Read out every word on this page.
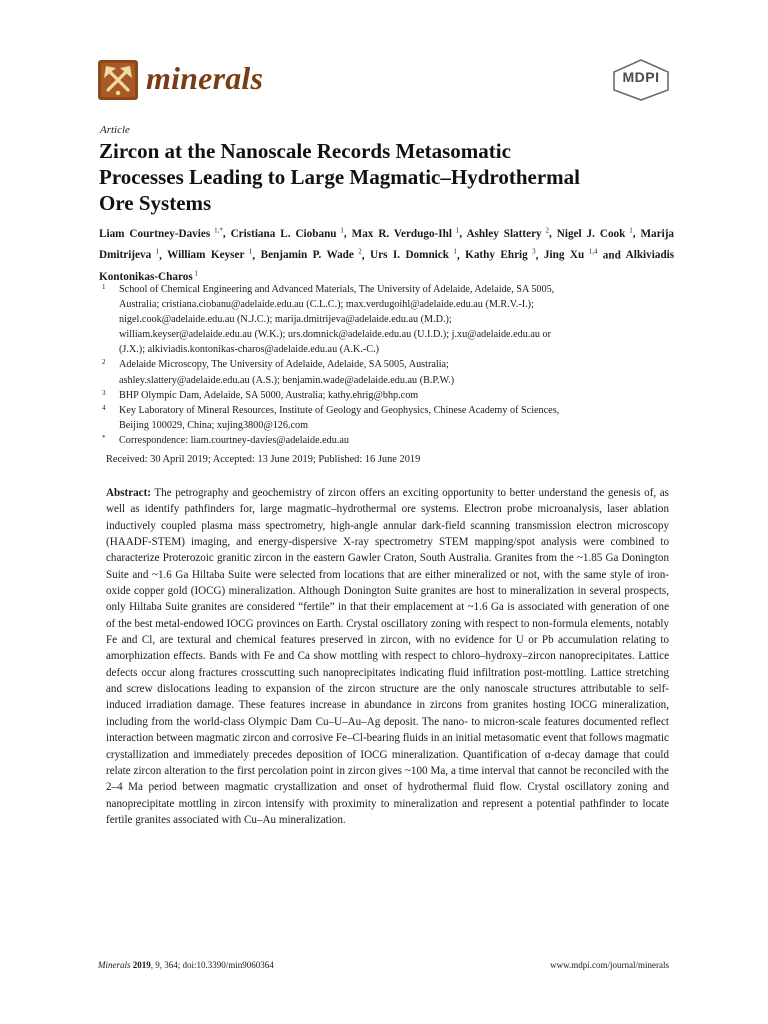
minerals	MDPI
Article
Zircon at the Nanoscale Records Metasomatic
Processes Leading to Large Magmatic–Hydrothermal
Ore Systems
Liam Courtney-Davies $^{1,*}$, Cristiana L. Ciobanu $^1$, Max R. Verdugo-Ihl $^1$, Ashley Slattery $^2$, Nigel J. Cook $^1$, Marija Dmitrijeva $^1$, William Keyser $^1$, Benjamin P. Wade $^2$, Urs I. Domnick $^1$, Kathy Ehrig $^3$, Jing Xu $^{1,4}$ and Alkiviadis Kontonikas-Charos $^1$
1 School of Chemical Engineering and Advanced Materials, The University of Adelaide, Adelaide, SA 5005,
Australia; cristiana.ciobanu@adelaide.edu.au (C.L.C.); max.verdugoihl@adelaide.edu.au (M.R.V.-I.);
nigel.cook@adelaide.edu.au (N.J.C.); marija.dmitrijeva@adelaide.edu.au (M.D.);
william.keyser@adelaide.edu.au (W.K.); urs.domnick@adelaide.edu.au (U.I.D.); j.xu@adelaide.edu.au or
(J.X.); alkiviadis.kontonikas-charos@adelaide.edu.au (A.K.-C.)
2 Adelaide Microscopy, The University of Adelaide, Adelaide, SA 5005, Australia;
ashley.slattery@adelaide.edu.au (A.S.); benjamin.wade@adelaide.edu.au (B.P.W.)
3 BHP Olympic Dam, Adelaide, SA 5000, Australia; kathy.ehrig@bhp.com
4 Key Laboratory of Mineral Resources, Institute of Geology and Geophysics, Chinese Academy of Sciences,
Beijing 100029, China; xujing3800@126.com
* Correspondence: liam.courtney-davies@adelaide.edu.au
Received: 30 April 2019; Accepted: 13 June 2019; Published: 16 June 2019
Abstract: The petrography and geochemistry of zircon offers an exciting opportunity to better understand the genesis of, as well as identify pathfinders for, large magmatic–hydrothermal ore systems. Electron probe microanalysis, laser ablation inductively coupled plasma mass spectrometry, high-angle annular dark-field scanning transmission electron microscopy (HAADF-STEM) imaging, and energy-dispersive X-ray spectrometry STEM mapping/spot analysis were combined to characterize Proterozoic granitic zircon in the eastern Gawler Craton, South Australia. Granites from the ~1.85 Ga Donington Suite and ~1.6 Ga Hiltaba Suite were selected from locations that are either mineralized or not, with the same style of iron-oxide copper gold (IOCG) mineralization. Although Donington Suite granites are host to mineralization in several prospects, only Hiltaba Suite granites are considered “fertile” in that their emplacement at ~1.6 Ga is associated with generation of one of the best metal-endowed IOCG provinces on Earth. Crystal oscillatory zoning with respect to non-formula elements, notably Fe and Cl, are textural and chemical features preserved in zircon, with no evidence for U or Pb accumulation relating to amorphization effects. Bands with Fe and Ca show mottling with respect to chloro–hydroxy–zircon nanoprecipitates. Lattice defects occur along fractures crosscutting such nanoprecipitates indicating fluid infiltration post-mottling. Lattice stretching and screw dislocations leading to expansion of the zircon structure are the only nanoscale structures attributable to self-induced irradiation damage. These features increase in abundance in zircons from granites hosting IOCG mineralization, including from the world-class Olympic Dam Cu–U–Au–Ag deposit. The nano- to micron-scale features documented reflect interaction between magmatic zircon and corrosive Fe–Cl-bearing fluids in an initial metasomatic event that follows magmatic crystallization and immediately precedes deposition of IOCG mineralization. Quantification of α-decay damage that could relate zircon alteration to the first percolation point in zircon gives ~100 Ma, a time interval that cannot be reconciled with the 2–4 Ma period between magmatic crystallization and onset of hydrothermal fluid flow. Crystal oscillatory zoning and nanoprecipitate mottling in zircon intensify with proximity to mineralization and represent a potential pathfinder to locate fertile granites associated with Cu–Au mineralization.
Minerals 2019, 9, 364; doi:10.3390/min9060364	www.mdpi.com/journal/minerals
